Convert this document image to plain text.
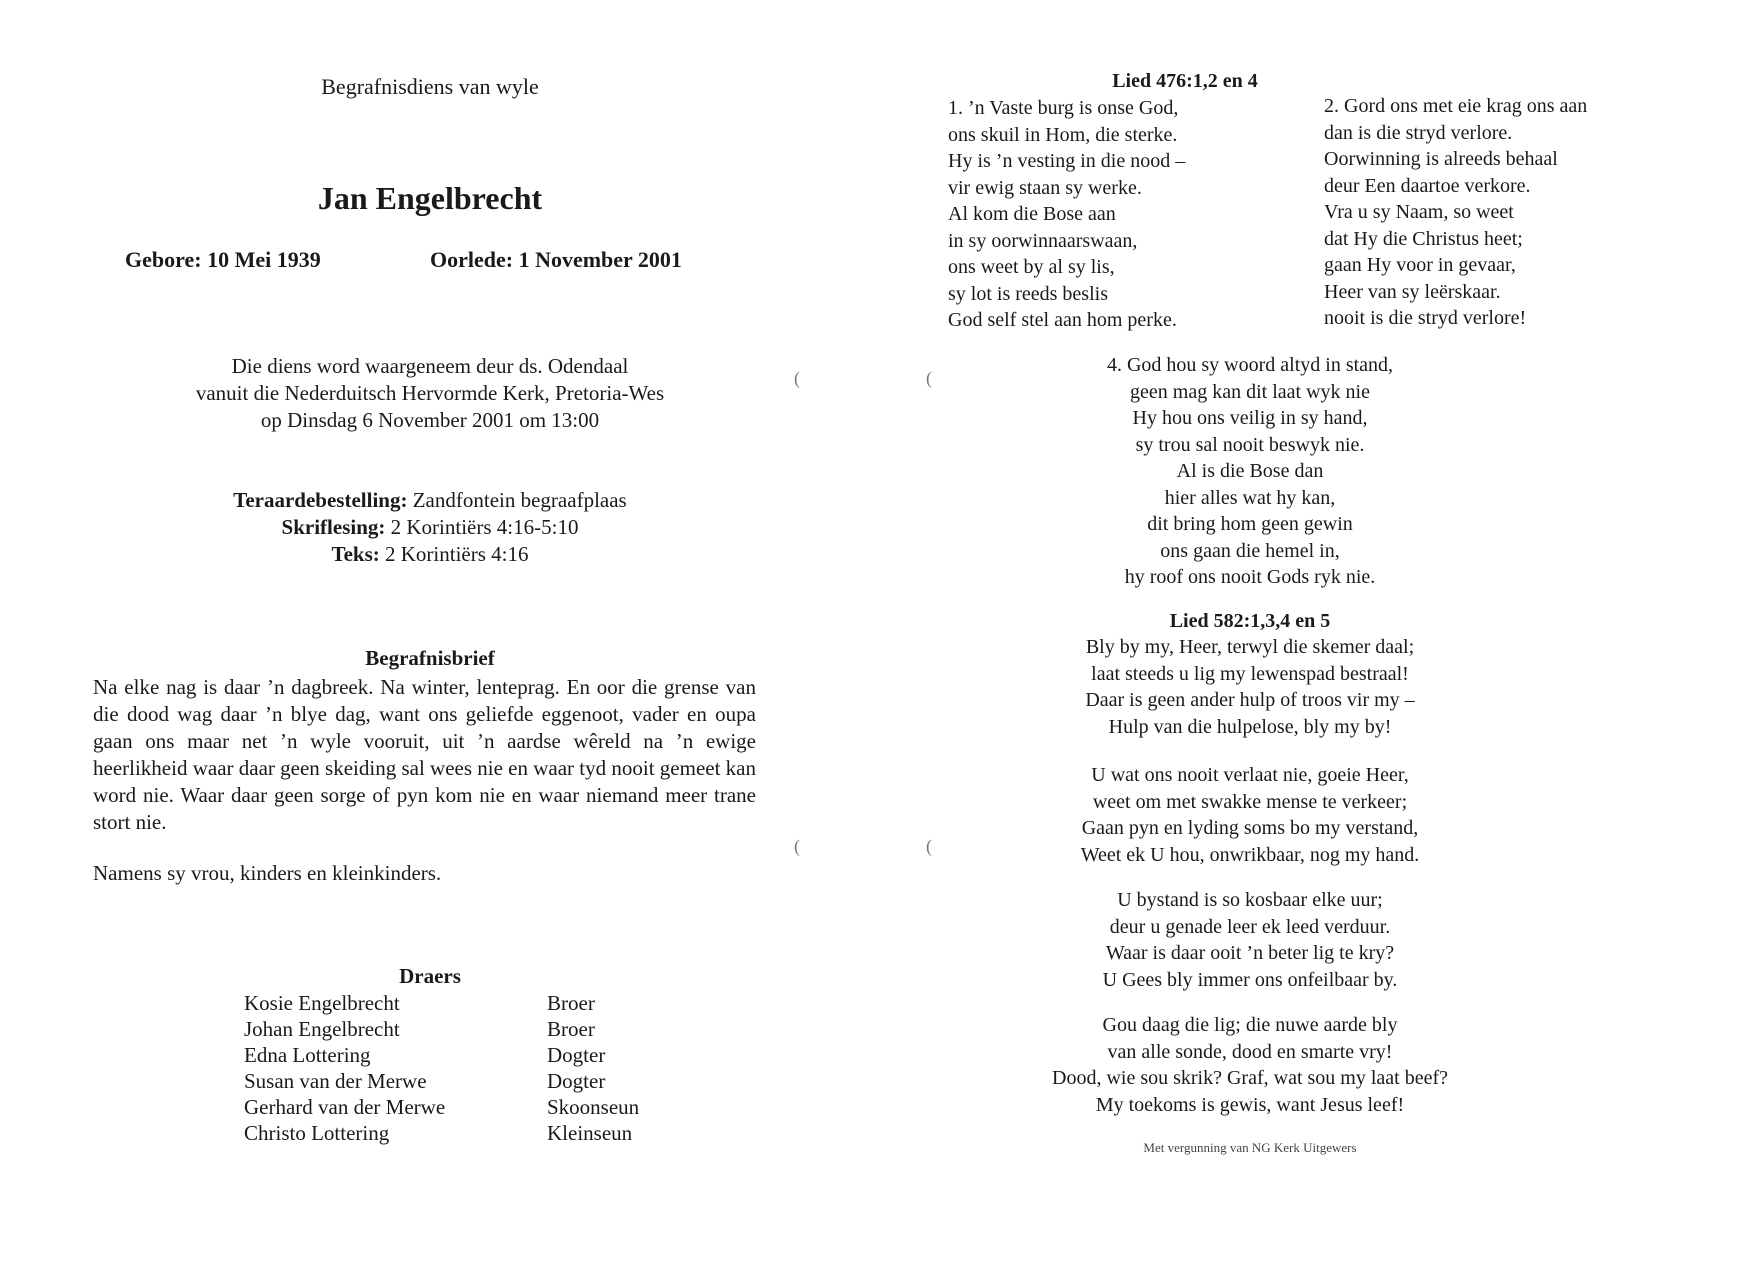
Begrafnisdiens van wyle
Jan Engelbrecht
Gebore: 10 Mei 1939	Oorlede: 1 November 2001
Die diens word waargeneem deur ds. Odendaal
vanuit die Nederduitsch Hervormde Kerk, Pretoria-Wes
op Dinsdag 6 November 2001 om 13:00
Teraardebestelling: Zandfontein begraafplaas
Skriflesing: 2 Korintiërs 4:16-5:10
Teks: 2 Korintiërs 4:16
Begrafnisbrief
Na elke nag is daar ’n dagbreek. Na winter, lenteprag. En oor die grense van die dood wag daar ’n blye dag, want ons geliefde eggenoot, vader en oupa gaan ons maar net ’n wyle vooruit, uit ’n aardse wêreld na ’n ewige heerlikheid waar daar geen skeiding sal wees nie en waar tyd nooit gemeet kan word nie. Waar daar geen sorge of pyn kom nie en waar niemand meer trane stort nie.
Namens sy vrou, kinders en kleinkinders.
Draers
Kosie Engelbrecht	Broer
Johan Engelbrecht	Broer
Edna Lottering	Dogter
Susan van der Merwe	Dogter
Gerhard van der Merwe	Skoonseun
Christo Lottering	Kleinseun
(	(
(	(
Lied 476:1,2 en 4
1. ’n Vaste burg is onse God,
ons skuil in Hom, die sterke.
Hy is ’n vesting in die nood –
vir ewig staan sy werke.
Al kom die Bose aan
in sy oorwinnaarswaan,
ons weet by al sy lis,
sy lot is reeds beslis
God self stel aan hom perke.
2. Gord ons met eie krag ons aan
dan is die stryd verlore.
Oorwinning is alreeds behaal
deur Een daartoe verkore.
Vra u sy Naam, so weet
dat Hy die Christus heet;
gaan Hy voor in gevaar,
Heer van sy leërskaar.
nooit is die stryd verlore!
4. God hou sy woord altyd in stand,
geen mag kan dit laat wyk nie
Hy hou ons veilig in sy hand,
sy trou sal nooit beswyk nie.
Al is die Bose dan
hier alles wat hy kan,
dit bring hom geen gewin
ons gaan die hemel in,
hy roof ons nooit Gods ryk nie.
Lied 582:1,3,4 en 5
Bly by my, Heer, terwyl die skemer daal;
laat steeds u lig my lewenspad bestraal!
Daar is geen ander hulp of troos vir my –
Hulp van die hulpelose, bly my by!
U wat ons nooit verlaat nie, goeie Heer,
weet om met swakke mense te verkeer;
Gaan pyn en lyding soms bo my verstand,
Weet ek U hou, onwrikbaar, nog my hand.
U bystand is so kosbaar elke uur;
deur u genade leer ek leed verduur.
Waar is daar ooit ’n beter lig te kry?
U Gees bly immer ons onfeilbaar by.
Gou daag die lig; die nuwe aarde bly
van alle sonde, dood en smarte vry!
Dood, wie sou skrik? Graf, wat sou my laat beef?
My toekoms is gewis, want Jesus leef!
Met vergunning van NG Kerk Uitgewers
